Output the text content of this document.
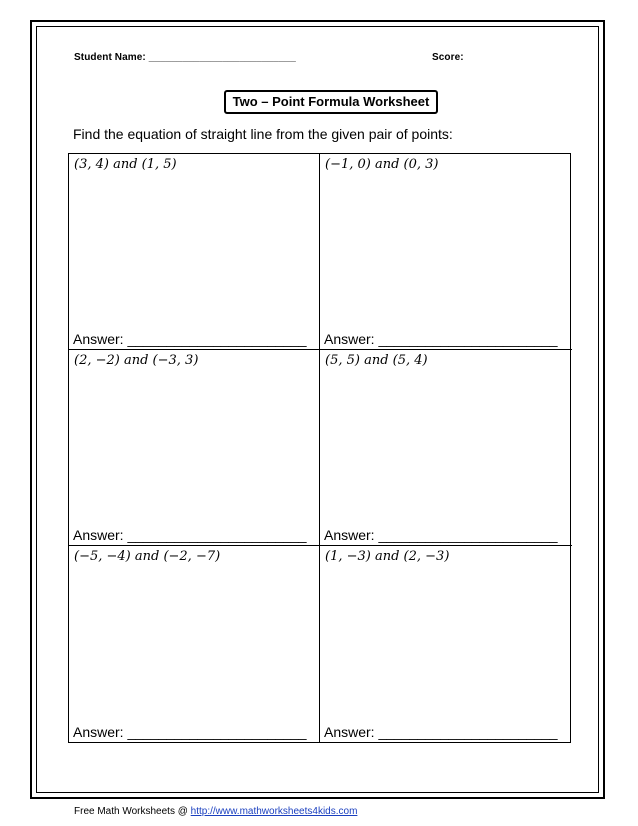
Student Name: __________________________	Score:
Two – Point Formula Worksheet
Find the equation of straight line from the given pair of points:
(3, 4) and (1, 5)
Answer: _______________________
(−1, 0) and (0, 3)
Answer: _______________________
(2, −2) and (−3, 3)
Answer: _______________________
(5, 5) and (5, 4)
Answer: _______________________
(−5, −4) and (−2, −7)
Answer: _______________________
(1, −3) and (2, −3)
Answer: _______________________
Free Math Worksheets @ http://www.mathworksheets4kids.com
